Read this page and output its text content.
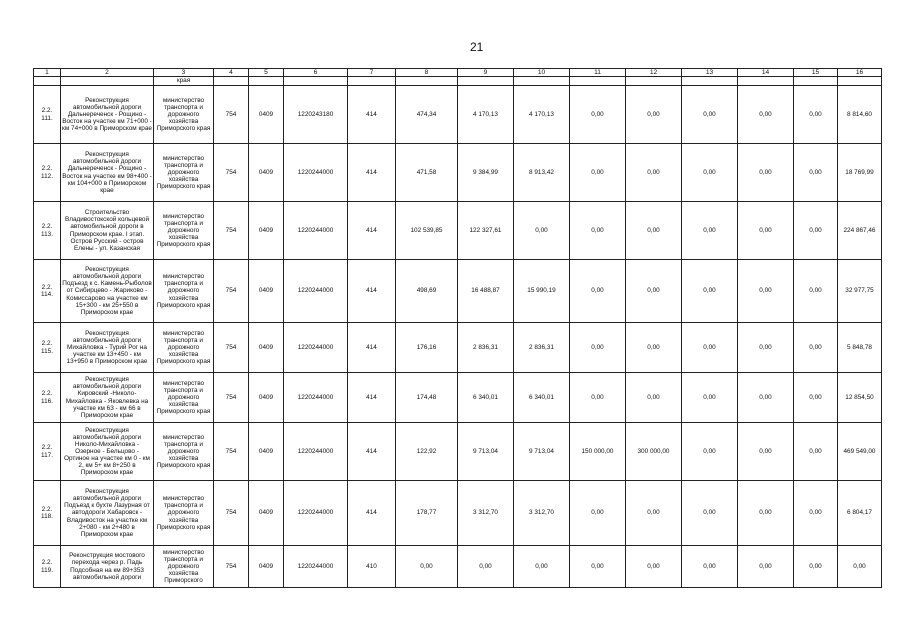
21
1	2	3	4	5	6	7	8	9	10	11	12	13	14	15	16
		края													
2.2.
111.	Реконструкция автомобильной дороги Дальнереченск - Рощино - Восток на участке км 71+000 - км 74+000 в Приморском крае	министерство транспорта и дорожного хозяйства Приморского края	754	0409	1220243180	414	474,34	4 170,13	4 170,13	0,00	0,00	0,00	0,00	0,00	8 814,60
2.2.
112.	Реконструкция автомобильной дороги Дальнереченск - Рощино - Восток на участке км 98+400 - км 104+000 в Приморском крае	министерство транспорта и дорожного хозяйства Приморского края	754	0409	1220244000	414	471,58	9 384,99	8 913,42	0,00	0,00	0,00	0,00	0,00	18 769,99
2.2.
113.	Строительство Владивостокской кольцевой автомобильной дороги в Приморском крае. I этап. Остров Русский - остров Елены - ул. Казанская	министерство транспорта и дорожного хозяйства Приморского края	754	0409	1220244000	414	102 539,85	122 327,61	0,00	0,00	0,00	0,00	0,00	0,00	224 867,46
2.2.
114.	Реконструкция автомобильной дороги Подъезд к с. Камень-Рыболов от Сибирцево - Жариково - Комиссарово на участке км 15+300 - км 25+550 в Приморском крае	министерство транспорта и дорожного хозяйства Приморского края	754	0409	1220244000	414	498,69	16 488,87	15 990,19	0,00	0,00	0,00	0,00	0,00	32 977,75
2.2.
115.	Реконструкция автомобильной дороги Михайловка - Турий Рог на участке км 13+450 - км 13+950 в Приморском крае	министерство транспорта и дорожного хозяйства Приморского края	754	0409	1220244000	414	176,16	2 836,31	2 836,31	0,00	0,00	0,00	0,00	0,00	5 848,78
2.2.
116.	Реконструкция автомобильной дороги Кировский -Николо-Михайловка - Яковлевка на участке км 63 - км 66 в Приморском крае	министерство транспорта и дорожного хозяйства Приморского края	754	0409	1220244000	414	174,48	6 340,01	6 340,01	0,00	0,00	0,00	0,00	0,00	12 854,50
2.2.
117.	Реконструкция автомобильной дороги Николо-Михайловка - Озерное - Бельцово - Ортиное на участке км 0 - км 2, км 5+ км 8+250 в Приморском крае	министерство транспорта и дорожного хозяйства Приморского края	754	0409	1220244000	414	122,92	9 713,04	9 713,04	150 000,00	300 000,00	0,00	0,00	0,00	469 549,00
2.2.
118.	Реконструкция автомобильной дороги Подъезд к бухте Лазурная от автодороги Хабаровск - Владивосток на участке км 2+080 - км 2+480 в Приморском крае	министерство транспорта и дорожного хозяйства Приморского края	754	0409	1220244000	414	178,77	3 312,70	3 312,70	0,00	0,00	0,00	0,00	0,00	6 804,17
2.2.
119.	Реконструкция мостового перехода через р. Падь Подсобная на км 89+353 автомобильной дороги	министерство транспорта и дорожного хозяйства Приморского	754	0409	1220244000	410	0,00	0,00	0,00	0,00	0,00	0,00	0,00	0,00	0,00
